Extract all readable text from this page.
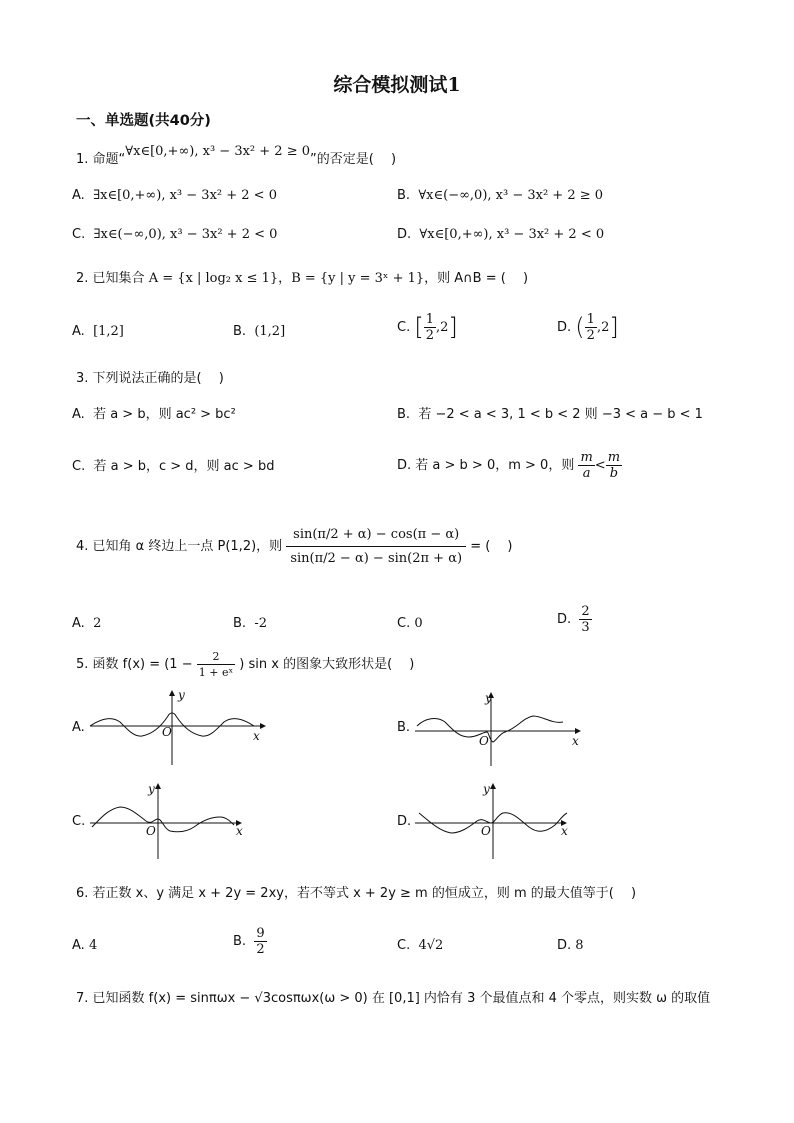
综合模拟测试1
一、单选题(共40分)
1. 命题“∀x∈[0,+∞), x³ − 3x² + 2 ≥ 0”的否定是(　 )
A. ∃x∈[0,+∞), x³ − 3x² + 2 < 0	B. ∀x∈(−∞,0), x³ − 3x² + 2 ≥ 0
C. ∃x∈(−∞,0), x³ − 3x² + 2 < 0	D. ∀x∈[0,+∞), x³ − 3x² + 2 < 0
2. 已知集合 A = {x | log₂ x ≤ 1}，B = {y | y = 3ˣ + 1}，则 A∩B = (　 )
A. [1,2]	B. (1,2]	C. [ $\frac{1}{2} ,2$]	D. ( $\frac{1}{2} ,2$]
3. 下列说法正确的是(　 )
A. 若 a > b，则 ac² > bc²	B. 若 −2 < a < 3, 1 < b < 2 则 −3 < a − b < 1
C. 若 a > b，c > d，则 ac > bd	D. 若 a > b > 0，m > 0，则 $\frac{m}{a} < \frac{m}{b}$
4. 已知角 α 终边上一点 P(1,2)，则 $\frac{\sin(\pi/2 + \alpha) - \cos(\pi - \alpha)}{\sin(\pi/2 - \alpha) - \sin(2\pi + \alpha)}$ = (　 )
A. 2	B. -2	C. 0	D. $\frac{2}{3}$
5. 函数 $f(x) = (1 - \frac{2}{\text{1 + eˣ}}$ ) sin x 的图象大致形状是(　 )
A.	B.
C.	D.
O
y
x	O
y
x
O
y
x	O
y
x
6. 若正数 x、y 满足 x + 2y = 2xy，若不等式 x + 2y ≥ m 的恒成立，则 m 的最大值等于(　 )
A. 4	B. $\frac{9}{2}$	C. 4√2	D. 8
7. 已知函数 f(x) = sinπωx − √3cosπωx(ω > 0) 在 [0,1] 内恰有 3 个最值点和 4 个零点，则实数 ω 的取值
